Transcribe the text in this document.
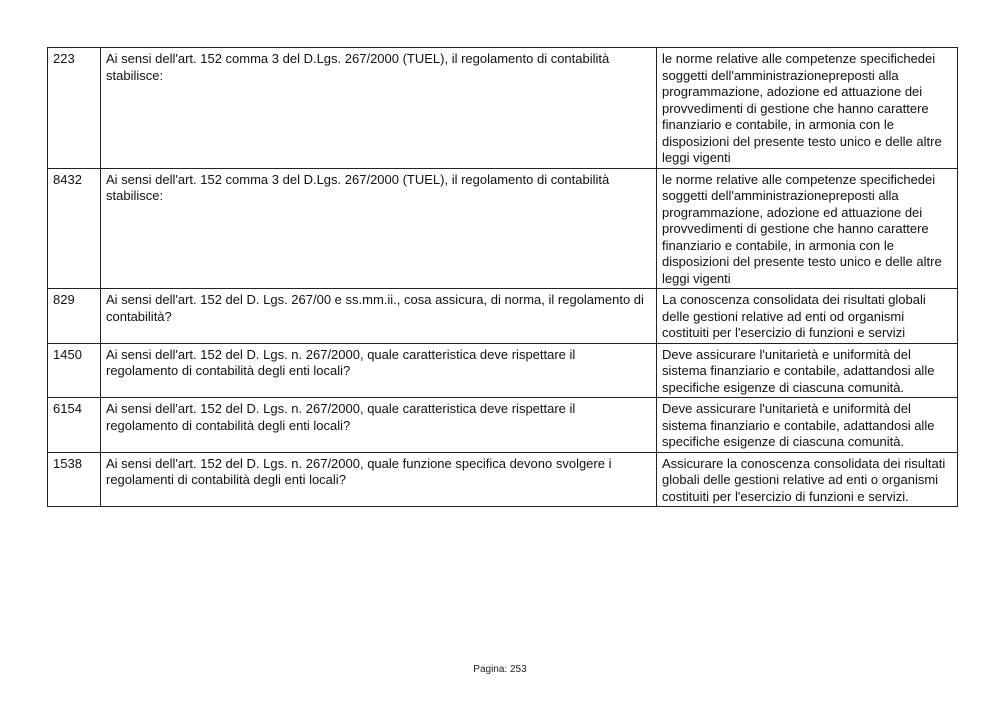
223	Ai sensi dell'art. 152 comma 3 del D.Lgs. 267/2000 (TUEL), il regolamento di contabilità stabilisce:	le norme relative alle competenze specifichedei soggetti dell'amministrazionepreposti alla programmazione, adozione ed attuazione dei provvedimenti di gestione che hanno carattere finanziario e contabile, in armonia con le disposizioni del presente testo unico e delle altre leggi vigenti
8432	Ai sensi dell'art. 152 comma 3 del D.Lgs. 267/2000 (TUEL), il regolamento di contabilità stabilisce:	le norme relative alle competenze specifichedei soggetti dell'amministrazionepreposti alla programmazione, adozione ed attuazione dei provvedimenti di gestione che hanno carattere finanziario e contabile, in armonia con le disposizioni del presente testo unico e delle altre leggi vigenti
829	Ai sensi dell'art. 152 del D. Lgs. 267/00 e ss.mm.ii., cosa assicura, di norma, il regolamento di contabilità?	La conoscenza consolidata dei risultati globali delle gestioni relative ad enti od organismi costituiti per l'esercizio di funzioni e servizi
1450	Ai sensi dell'art. 152 del D. Lgs. n. 267/2000, quale caratteristica deve rispettare il regolamento di contabilità degli enti locali?	Deve assicurare l'unitarietà e uniformità del sistema finanziario e contabile, adattandosi alle specifiche esigenze di ciascuna comunità.
6154	Ai sensi dell'art. 152 del D. Lgs. n. 267/2000, quale caratteristica deve rispettare il regolamento di contabilità degli enti locali?	Deve assicurare l'unitarietà e uniformità del sistema finanziario e contabile, adattandosi alle specifiche esigenze di ciascuna comunità.
1538	Ai sensi dell'art. 152 del D. Lgs. n. 267/2000, quale funzione specifica devono svolgere i regolamenti di contabilità degli enti locali?	Assicurare la conoscenza consolidata dei risultati globali delle gestioni relative ad enti o organismi costituiti per l'esercizio di funzioni e servizi.
Pagina: 253
